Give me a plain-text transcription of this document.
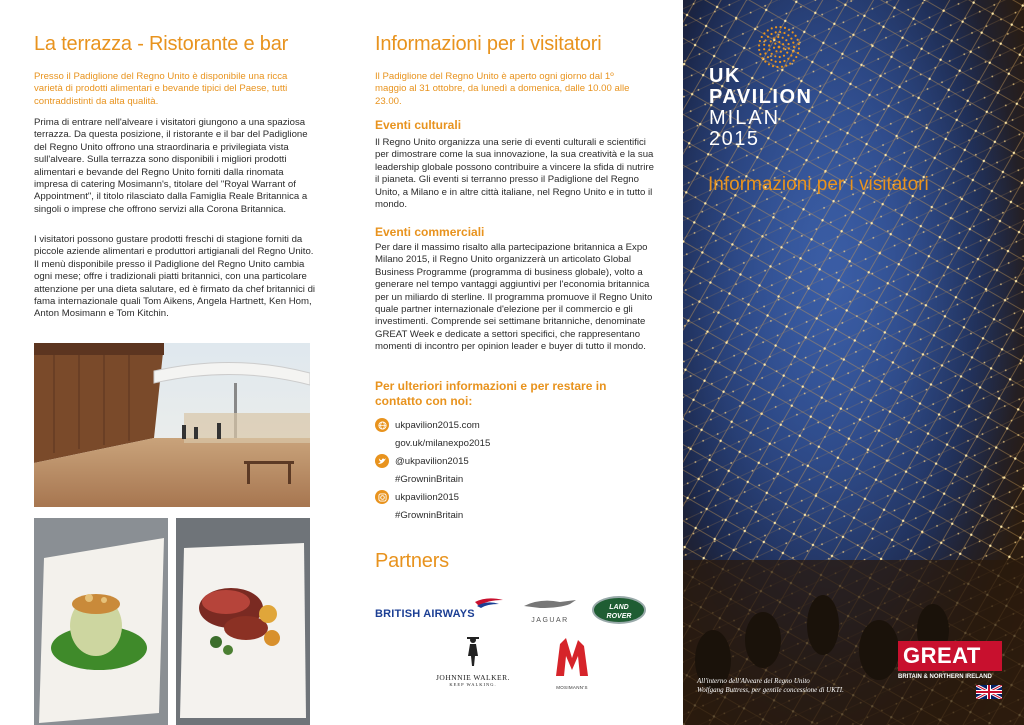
La terrazza - Ristorante e bar

Presso il Padiglione del Regno Unito è disponibile una ricca varietà di prodotti alimentari e bevande tipici del Paese, tutti contraddistinti da alta qualità.

Prima di entrare nell'alveare i visitatori giungono a una spaziosa terrazza. Da questa posizione, il ristorante e il bar del Padiglione del Regno Unito offrono una straordinaria e privilegiata vista sull'alveare. Sulla terrazza sono disponibili i migliori prodotti alimentari e bevande del Regno Unito forniti dalla rinomata impresa di catering Mosimann's, titolare del "Royal Warrant of Appointment", il titolo rilasciato dalla Famiglia Reale Britannica a singoli o imprese che offrono servizi alla Corona Britannica.

I visitatori possono gustare prodotti freschi di stagione forniti da piccole aziende alimentari e produttori artigianali del Regno Unito. Il menù disponibile presso il Padiglione del Regno Unito cambia ogni mese; offre i tradizionali piatti britannici, con una particolare attenzione per una dieta salutare, ed è firmato da chef britannici di fama internazionale quali Tom Aikens, Angela Hartnett, Ken Hom, Anton Mosimann e Tom Kitchin.

Informazioni per i visitatori

Il Padiglione del Regno Unito è aperto ogni giorno dal 1º maggio al 31 ottobre, da lunedì a domenica, dalle 10.00 alle 23.00.

Eventi culturali

Il Regno Unito organizza una serie di eventi culturali e scientifici per dimostrare come la sua innovazione, la sua creatività e la sua leadership globale possono contribuire a vincere la sfida di nutrire il pianeta. Gli eventi si terranno presso il Padiglione del Regno Unito, a Milano e in altre città italiane, nel Regno Unito e in tutto il mondo.

Eventi commerciali

Per dare il massimo risalto alla partecipazione britannica a Expo Milano 2015, il Regno Unito organizzerà un articolato Global Business Programme (programma di business globale), volto a generare nel tempo vantaggi aggiuntivi per l'economia britannica per un miliardo di sterline. Il programma promuove il Regno Unito quale partner internazionale d'elezione per il commercio e gli investimenti. Comprende sei settimane britanniche, denominate GREAT Week e dedicate a settori specifici, che rappresentano momenti di incontro per opinion leader e buyer di tutto il mondo.

Per ulteriori informazioni e per restare in contatto con noi:
ukpavilion2015.com
gov.uk/milanexpo2015
@ukpavilion2015
#GrowninBritain
ukpavilion2015
#GrowninBritain
Partners
BRITISH AIRWAYS
JAGUAR
LAND
ROVER
JOHNNIE WALKER.
KEEP WALKING.
MOSIMANN'S
UK
PAVILION
MILAN
2015
Informazioni per i visitatori
All'interno dell'Alveare del Regno Unito
Wolfgang Buttress, per gentile concessione di UKTI.
GREAT
BRITAIN & NORTHERN IRELAND
